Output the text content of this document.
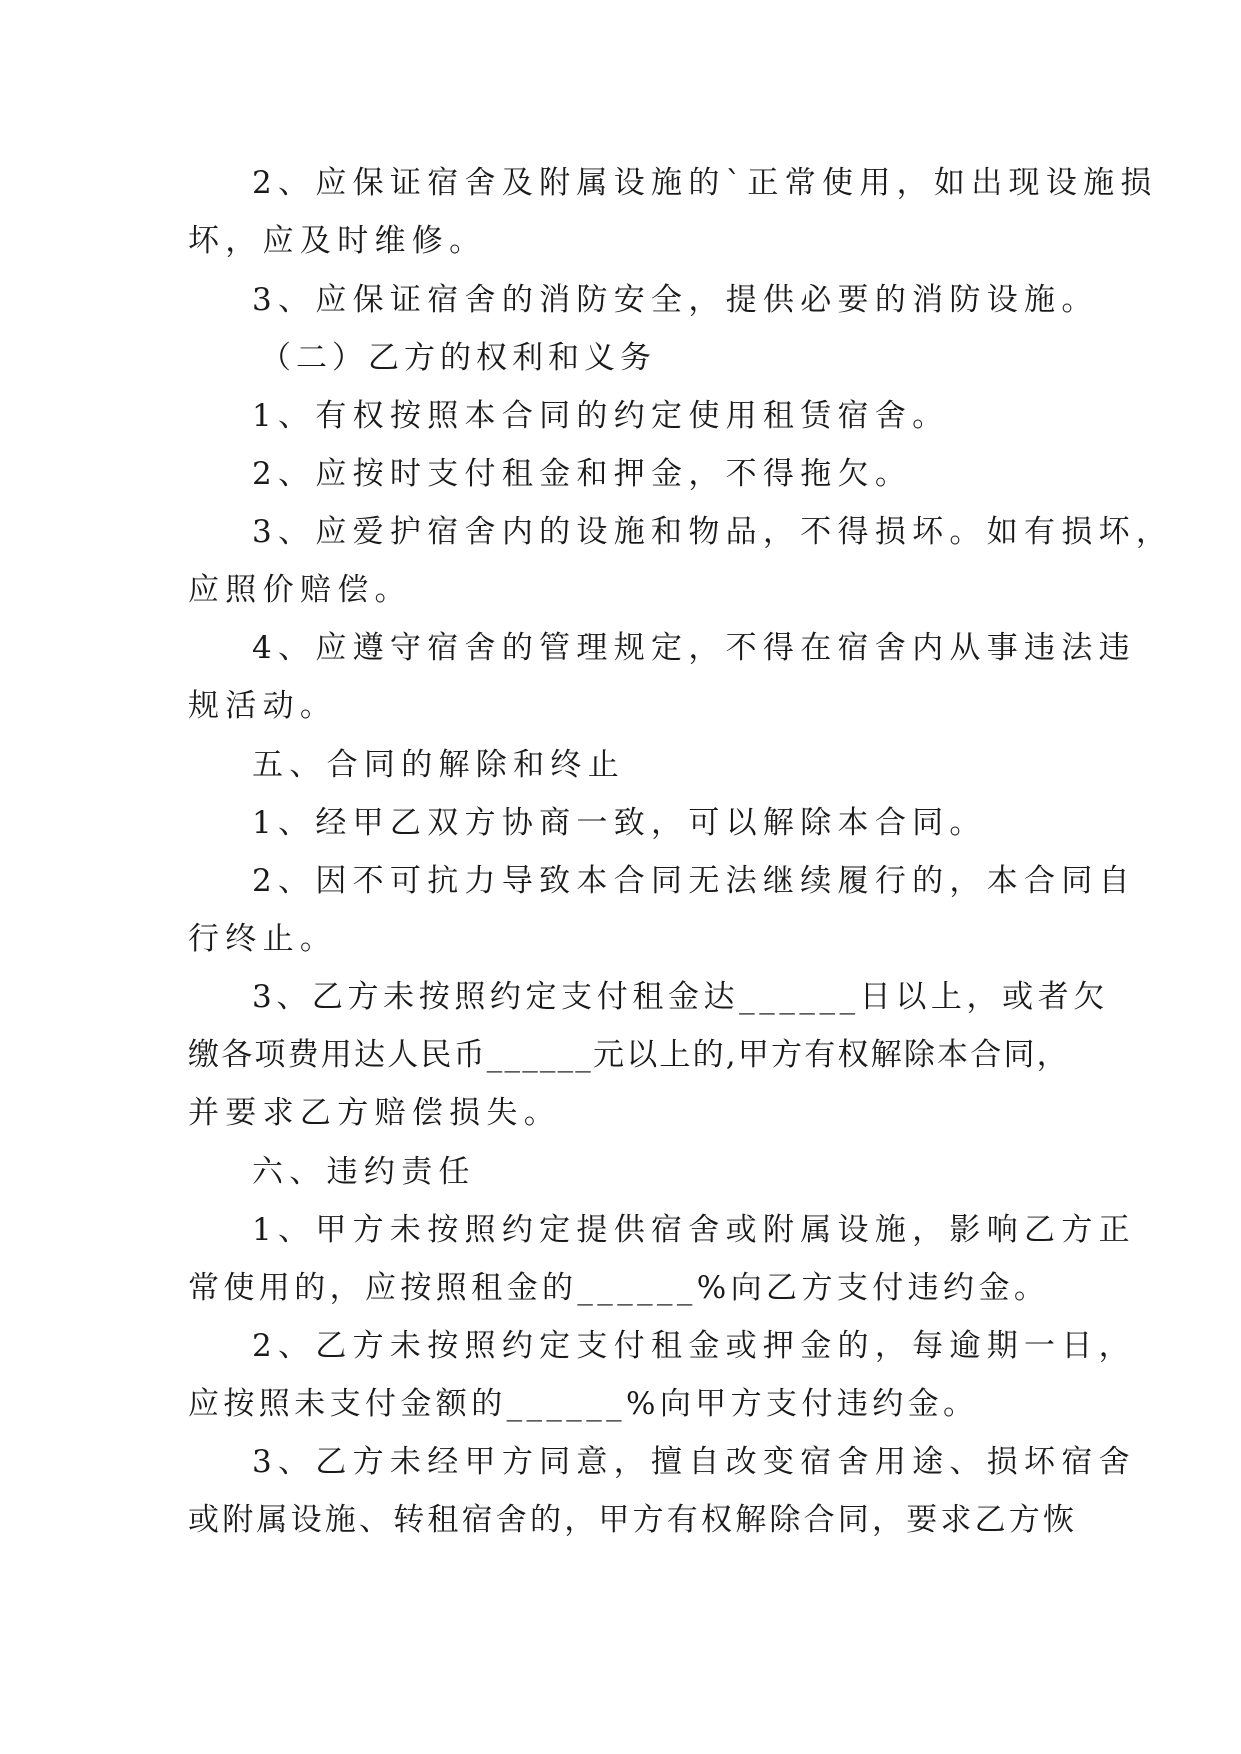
2、应保证宿舍及附属设施的`正常使用，如出现设施损
坏，应及时维修。
3、应保证宿舍的消防安全，提供必要的消防设施。
（二）乙方的权利和义务
1、有权按照本合同的约定使用租赁宿舍。
2、应按时支付租金和押金，不得拖欠。
3、应爱护宿舍内的设施和物品，不得损坏。如有损坏，
应照价赔偿。
4、应遵守宿舍的管理规定，不得在宿舍内从事违法违
规活动。
五、合同的解除和终止
1、经甲乙双方协商一致，可以解除本合同。
2、因不可抗力导致本合同无法继续履行的，本合同自
行终止。
3、乙方未按照约定支付租金达______日以上，或者欠
缴各项费用达人民币______元以上的,甲方有权解除本合同，
并要求乙方赔偿损失。
六、违约责任
1、甲方未按照约定提供宿舍或附属设施，影响乙方正
常使用的，应按照租金的______%向乙方支付违约金。
2、乙方未按照约定支付租金或押金的，每逾期一日，
应按照未支付金额的______%向甲方支付违约金。
3、乙方未经甲方同意，擅自改变宿舍用途、损坏宿舍
或附属设施、转租宿舍的，甲方有权解除合同，要求乙方恢
